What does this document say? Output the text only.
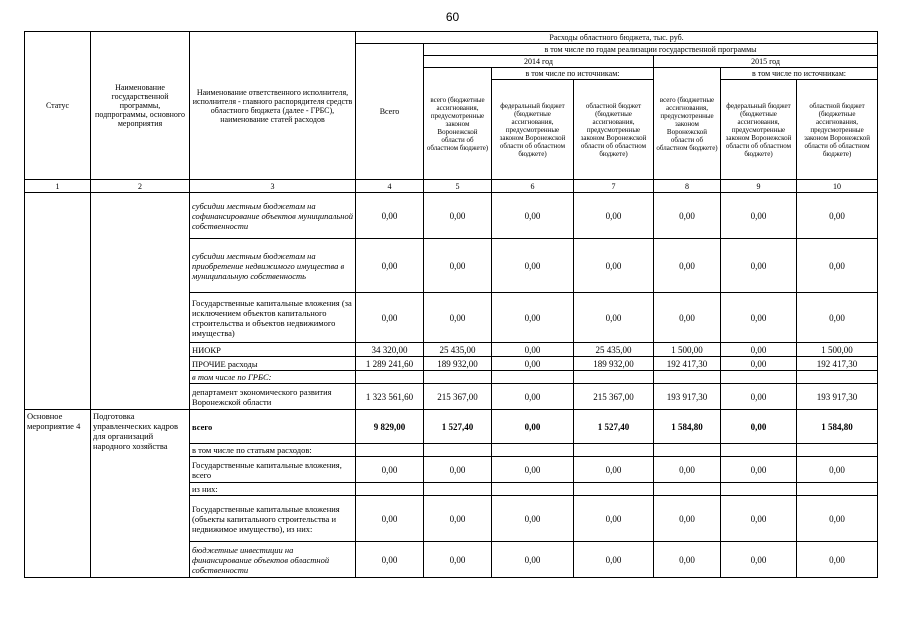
60
Статус	Наименование государственной программы, подпрограммы, основного мероприятия	Наименование ответственного исполнителя, исполнителя - главного распорядителя средств областного бюджета (далее - ГРБС), наименование статей расходов	Расходы областного бюджета, тыс. руб.						
			Всего	в том числе по годам реализации государственной программы					
				2014 год			2015 год		
				всего (бюджетные ассигнования, предусмотренные законом Воронежской области об областном бюджете)	в том числе по источникам:		всего (бюджетные ассигнования, предусмотренные законом Воронежской области об областном бюджете)	в том числе по источникам:	
					федеральный бюджет (бюджетные ассигнования, предусмотренные законом Воронежской области об областном бюджете)	областной бюджет (бюджетные ассигнования, предусмотренные законом Воронежской области об областном бюджете)		федеральный бюджет (бюджетные ассигнования, предусмотренные законом Воронежской области об областном бюджете)	областной бюджет (бюджетные ассигнования, предусмотренные законом Воронежской области об областном бюджете)
1	2	3	4	5	6	7	8	9	10
		субсидии местным бюджетам на софинансирование объектов муниципальной собственности	0,00	0,00	0,00	0,00	0,00	0,00	0,00
		субсидии местным бюджетам на приобретение недвижимого имущества в муниципальную собственность	0,00	0,00	0,00	0,00	0,00	0,00	0,00
		Государственные капитальные вложения (за исключением объектов капитального строительства и объектов недвижимого имущества)	0,00	0,00	0,00	0,00	0,00	0,00	0,00
		НИОКР	34 320,00	25 435,00	0,00	25 435,00	1 500,00	0,00	1 500,00
		ПРОЧИЕ расходы	1 289 241,60	189 932,00	0,00	189 932,00	192 417,30	0,00	192 417,30
		в том числе по ГРБС:							
		департамент экономического развития Воронежской области	1 323 561,60	215 367,00	0,00	215 367,00	193 917,30	0,00	193 917,30
Основное мероприятие 4	Подготовка управленческих кадров для организаций народного хозяйства	всего	9 829,00	1 527,40	0,00	1 527,40	1 584,80	0,00	1 584,80
		в том числе по статьям расходов:							
		Государственные капитальные вложения, всего	0,00	0,00	0,00	0,00	0,00	0,00	0,00
		из них:							
		Государственные капитальные вложения (объекты капитального строительства и недвижимое имущество), из них:	0,00	0,00	0,00	0,00	0,00	0,00	0,00
		бюджетные инвестиции на финансирование объектов областной собственности	0,00	0,00	0,00	0,00	0,00	0,00	0,00
